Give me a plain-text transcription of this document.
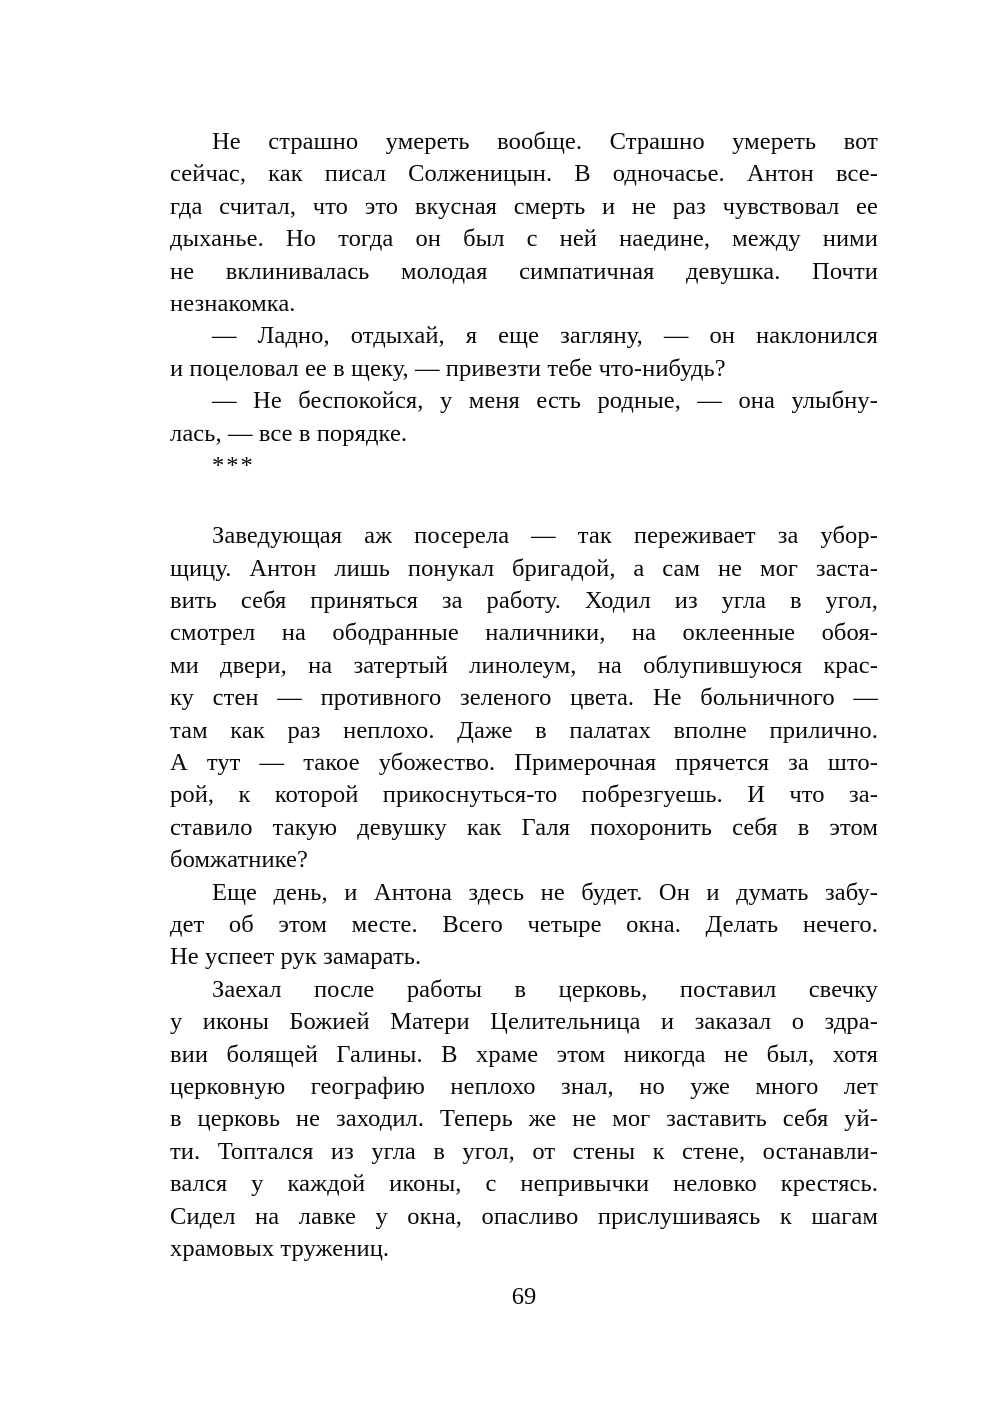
Не страшно умереть вообще. Страшно умереть вот
сейчас, как писал Солженицын. В одночасье. Антон все-
гда считал, что это вкусная смерть и не раз чувствовал ее
дыханье. Но тогда он был с ней наедине, между ними
не вклинивалась молодая симпатичная девушка. Почти
незнакомка.
— Ладно, отдыхай, я еще загляну, — он наклонился
и поцеловал ее в щеку, — привезти тебе что-нибудь?
— Не беспокойся, у меня есть родные, — она улыбну-
лась, — все в порядке.
***
Заведующая аж посерела — так переживает за убор-
щицу. Антон лишь понукал бригадой, а сам не мог заста-
вить себя приняться за работу. Ходил из угла в угол,
смотрел на ободранные наличники, на оклеенные обоя-
ми двери, на затертый линолеум, на облупившуюся крас-
ку стен — противного зеленого цвета. Не больничного —
там как раз неплохо. Даже в палатах вполне прилично.
А тут — такое убожество. Примерочная прячется за што-
рой, к которой прикоснуться-то побрезгуешь. И что за-
ставило такую девушку как Галя похоронить себя в этом
бомжатнике?
Еще день, и Антона здесь не будет. Он и думать забу-
дет об этом месте. Всего четыре окна. Делать нечего.
Не успеет рук замарать.
Заехал после работы в церковь, поставил свечку
у иконы Божией Матери Целительница и заказал о здра-
вии болящей Галины. В храме этом никогда не был, хотя
церковную географию неплохо знал, но уже много лет
в церковь не заходил. Теперь же не мог заставить себя уй-
ти. Топтался из угла в угол, от стены к стене, останавли-
вался у каждой иконы, с непривычки неловко крестясь.
Сидел на лавке у окна, опасливо прислушиваясь к шагам
храмовых тружениц.
69
